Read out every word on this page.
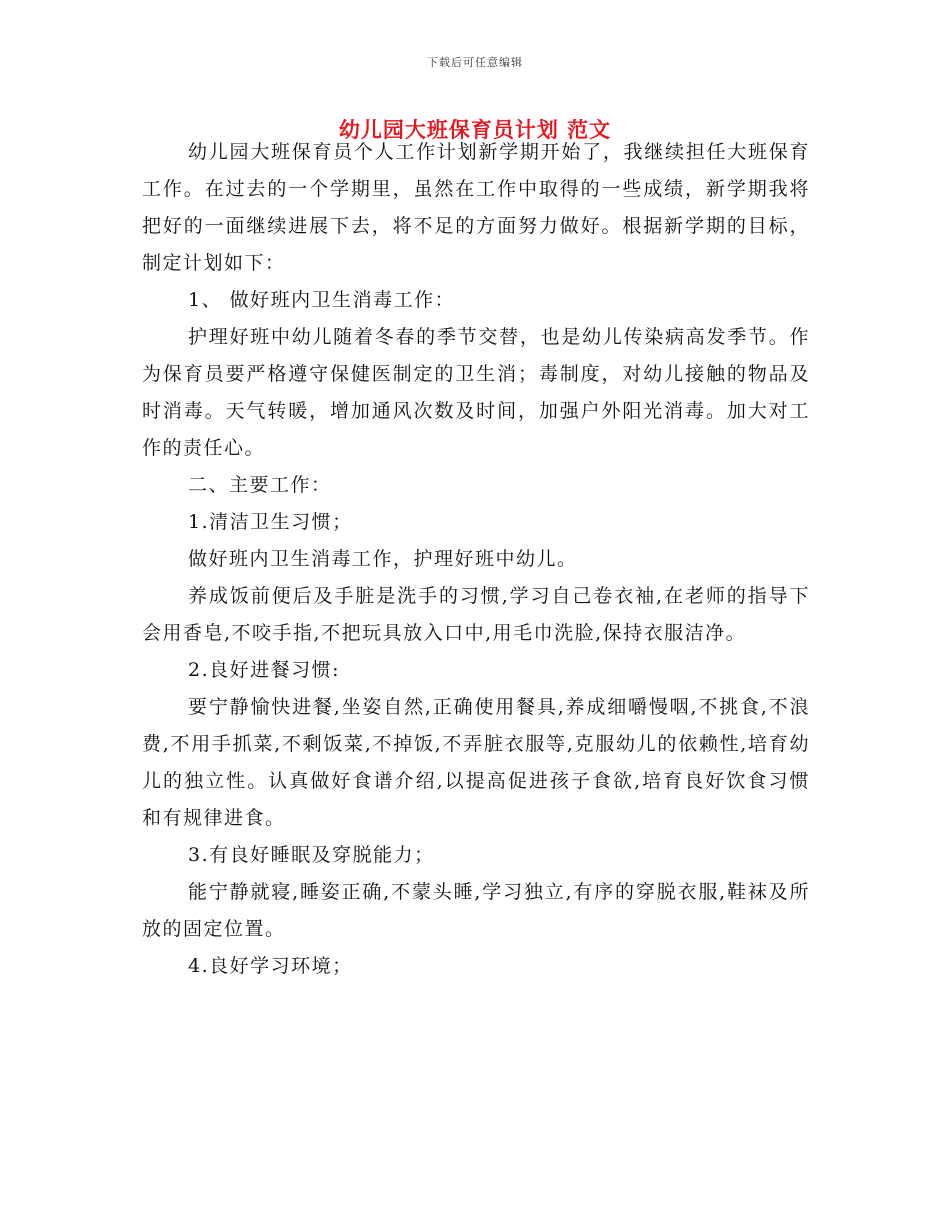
下载后可任意编辑
幼儿园大班保育员计划 范文

幼儿园大班保育员个人工作计划新学期开始了，我继续担任大班保育工作。在过去的一个学期里，虽然在工作中取得的一些成绩，新学期我将把好的一面继续进展下去，将不足的方面努力做好。根据新学期的目标，制定计划如下：

1、 做好班内卫生消毒工作：

护理好班中幼儿随着冬春的季节交替，也是幼儿传染病高发季节。作为保育员要严格遵守保健医制定的卫生消；毒制度，对幼儿接触的物品及时消毒。天气转暖，增加通风次数及时间，加强户外阳光消毒。加大对工作的责任心。

二、主要工作：

1.清洁卫生习惯；

做好班内卫生消毒工作，护理好班中幼儿。

养成饭前便后及手脏是洗手的习惯,学习自己卷衣袖,在老师的指导下会用香皂,不咬手指,不把玩具放入口中,用毛巾洗脸,保持衣服洁净。

2.良好进餐习惯:

要宁静愉快进餐,坐姿自然,正确使用餐具,养成细嚼慢咽,不挑食,不浪费,不用手抓菜,不剩饭菜,不掉饭,不弄脏衣服等,克服幼儿的依赖性,培育幼儿的独立性。认真做好食谱介绍,以提高促进孩子食欲,培育良好饮食习惯和有规律进食。

3.有良好睡眠及穿脱能力；

能宁静就寝,睡姿正确,不蒙头睡,学习独立,有序的穿脱衣服,鞋袜及所放的固定位置。

4.良好学习环境；
